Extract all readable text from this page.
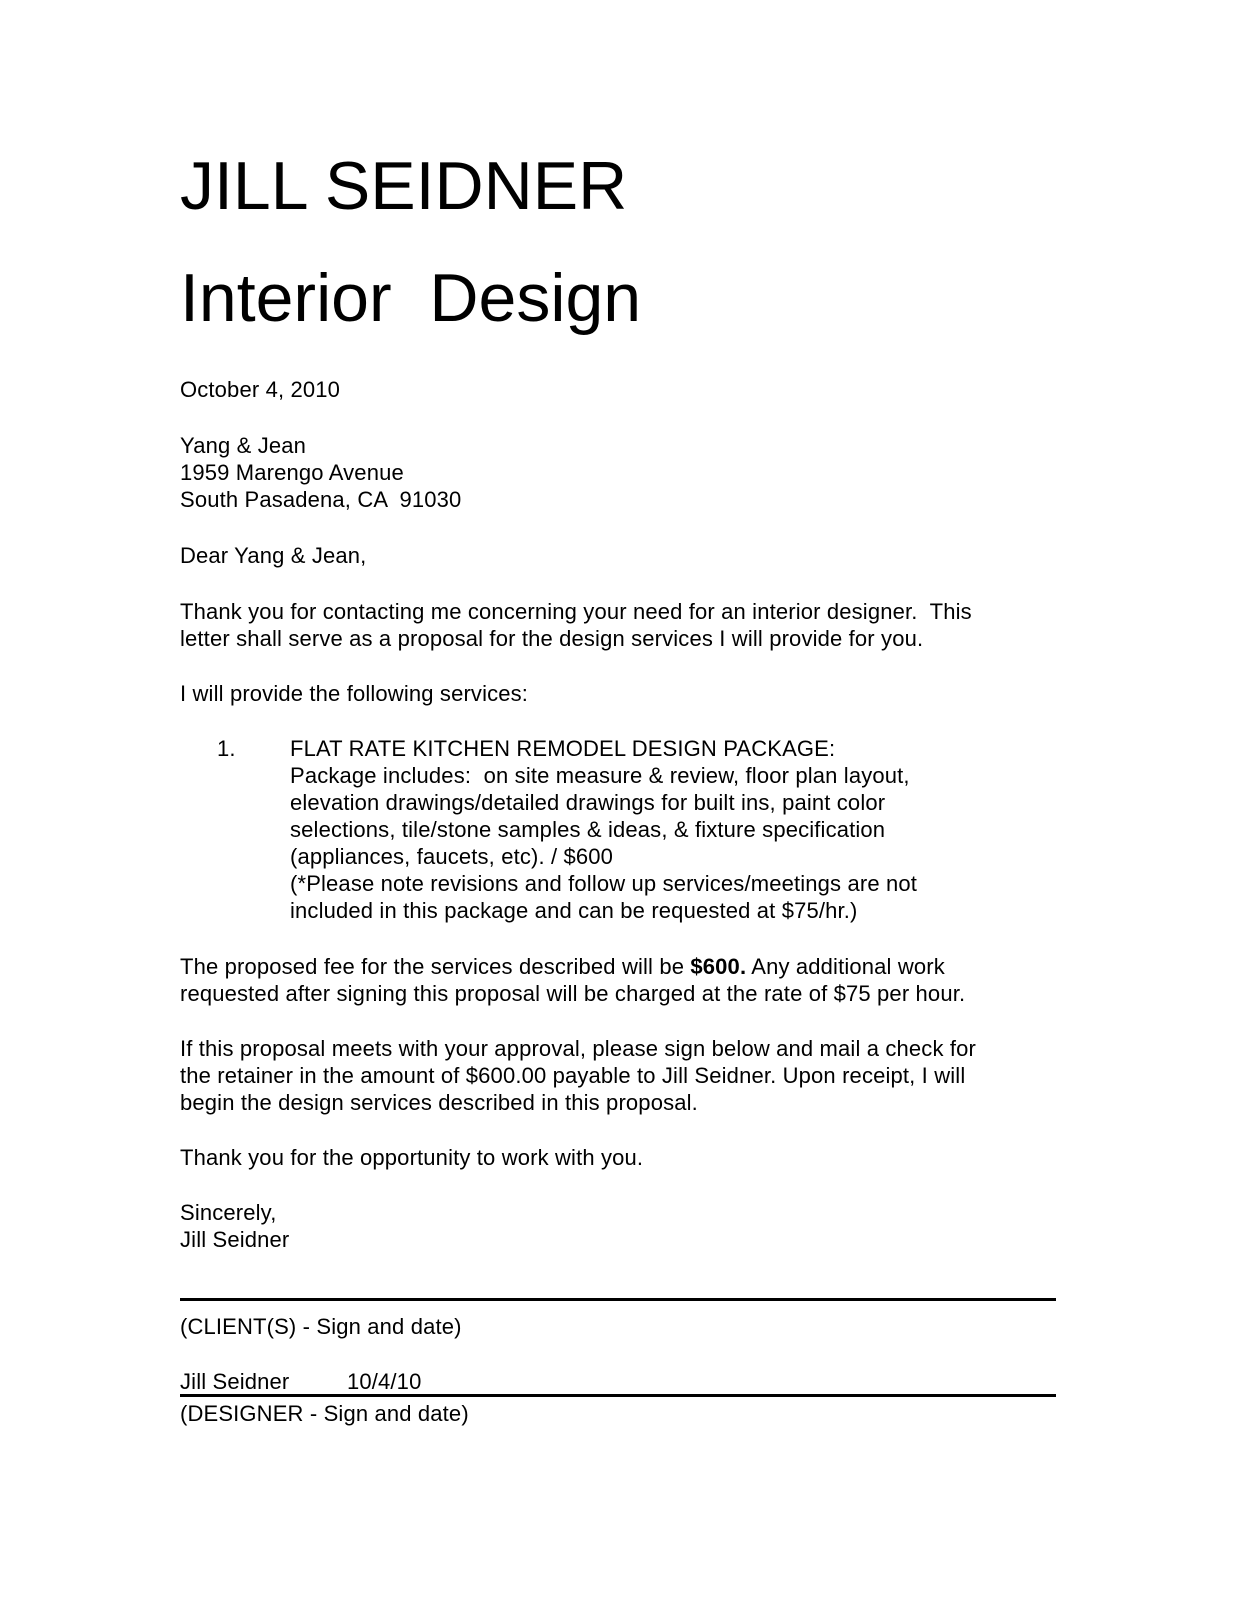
JILL SEIDNER
Interior  Design
October 4, 2010
Yang & Jean
1959 Marengo Avenue
South Pasadena, CA  91030
Dear Yang & Jean,
Thank you for contacting me concerning your need for an interior designer.  This
letter shall serve as a proposal for the design services I will provide for you.
I will provide the following services:
1. FLAT RATE KITCHEN REMODEL DESIGN PACKAGE:
Package includes:  on site measure & review, floor plan layout,
elevation drawings/detailed drawings for built ins, paint color
selections, tile/stone samples & ideas, & fixture specification
(appliances, faucets, etc). / $600
(*Please note revisions and follow up services/meetings are not
included in this package and can be requested at $75/hr.)
The proposed fee for the services described will be $600. Any additional work
requested after signing this proposal will be charged at the rate of $75 per hour.
If this proposal meets with your approval, please sign below and mail a check for
the retainer in the amount of $600.00 payable to Jill Seidner. Upon receipt, I will
begin the design services described in this proposal.
Thank you for the opportunity to work with you.
Sincerely,
Jill Seidner
(CLIENT(S) - Sign and date)
Jill Seidner	10/4/10
(DESIGNER - Sign and date)
